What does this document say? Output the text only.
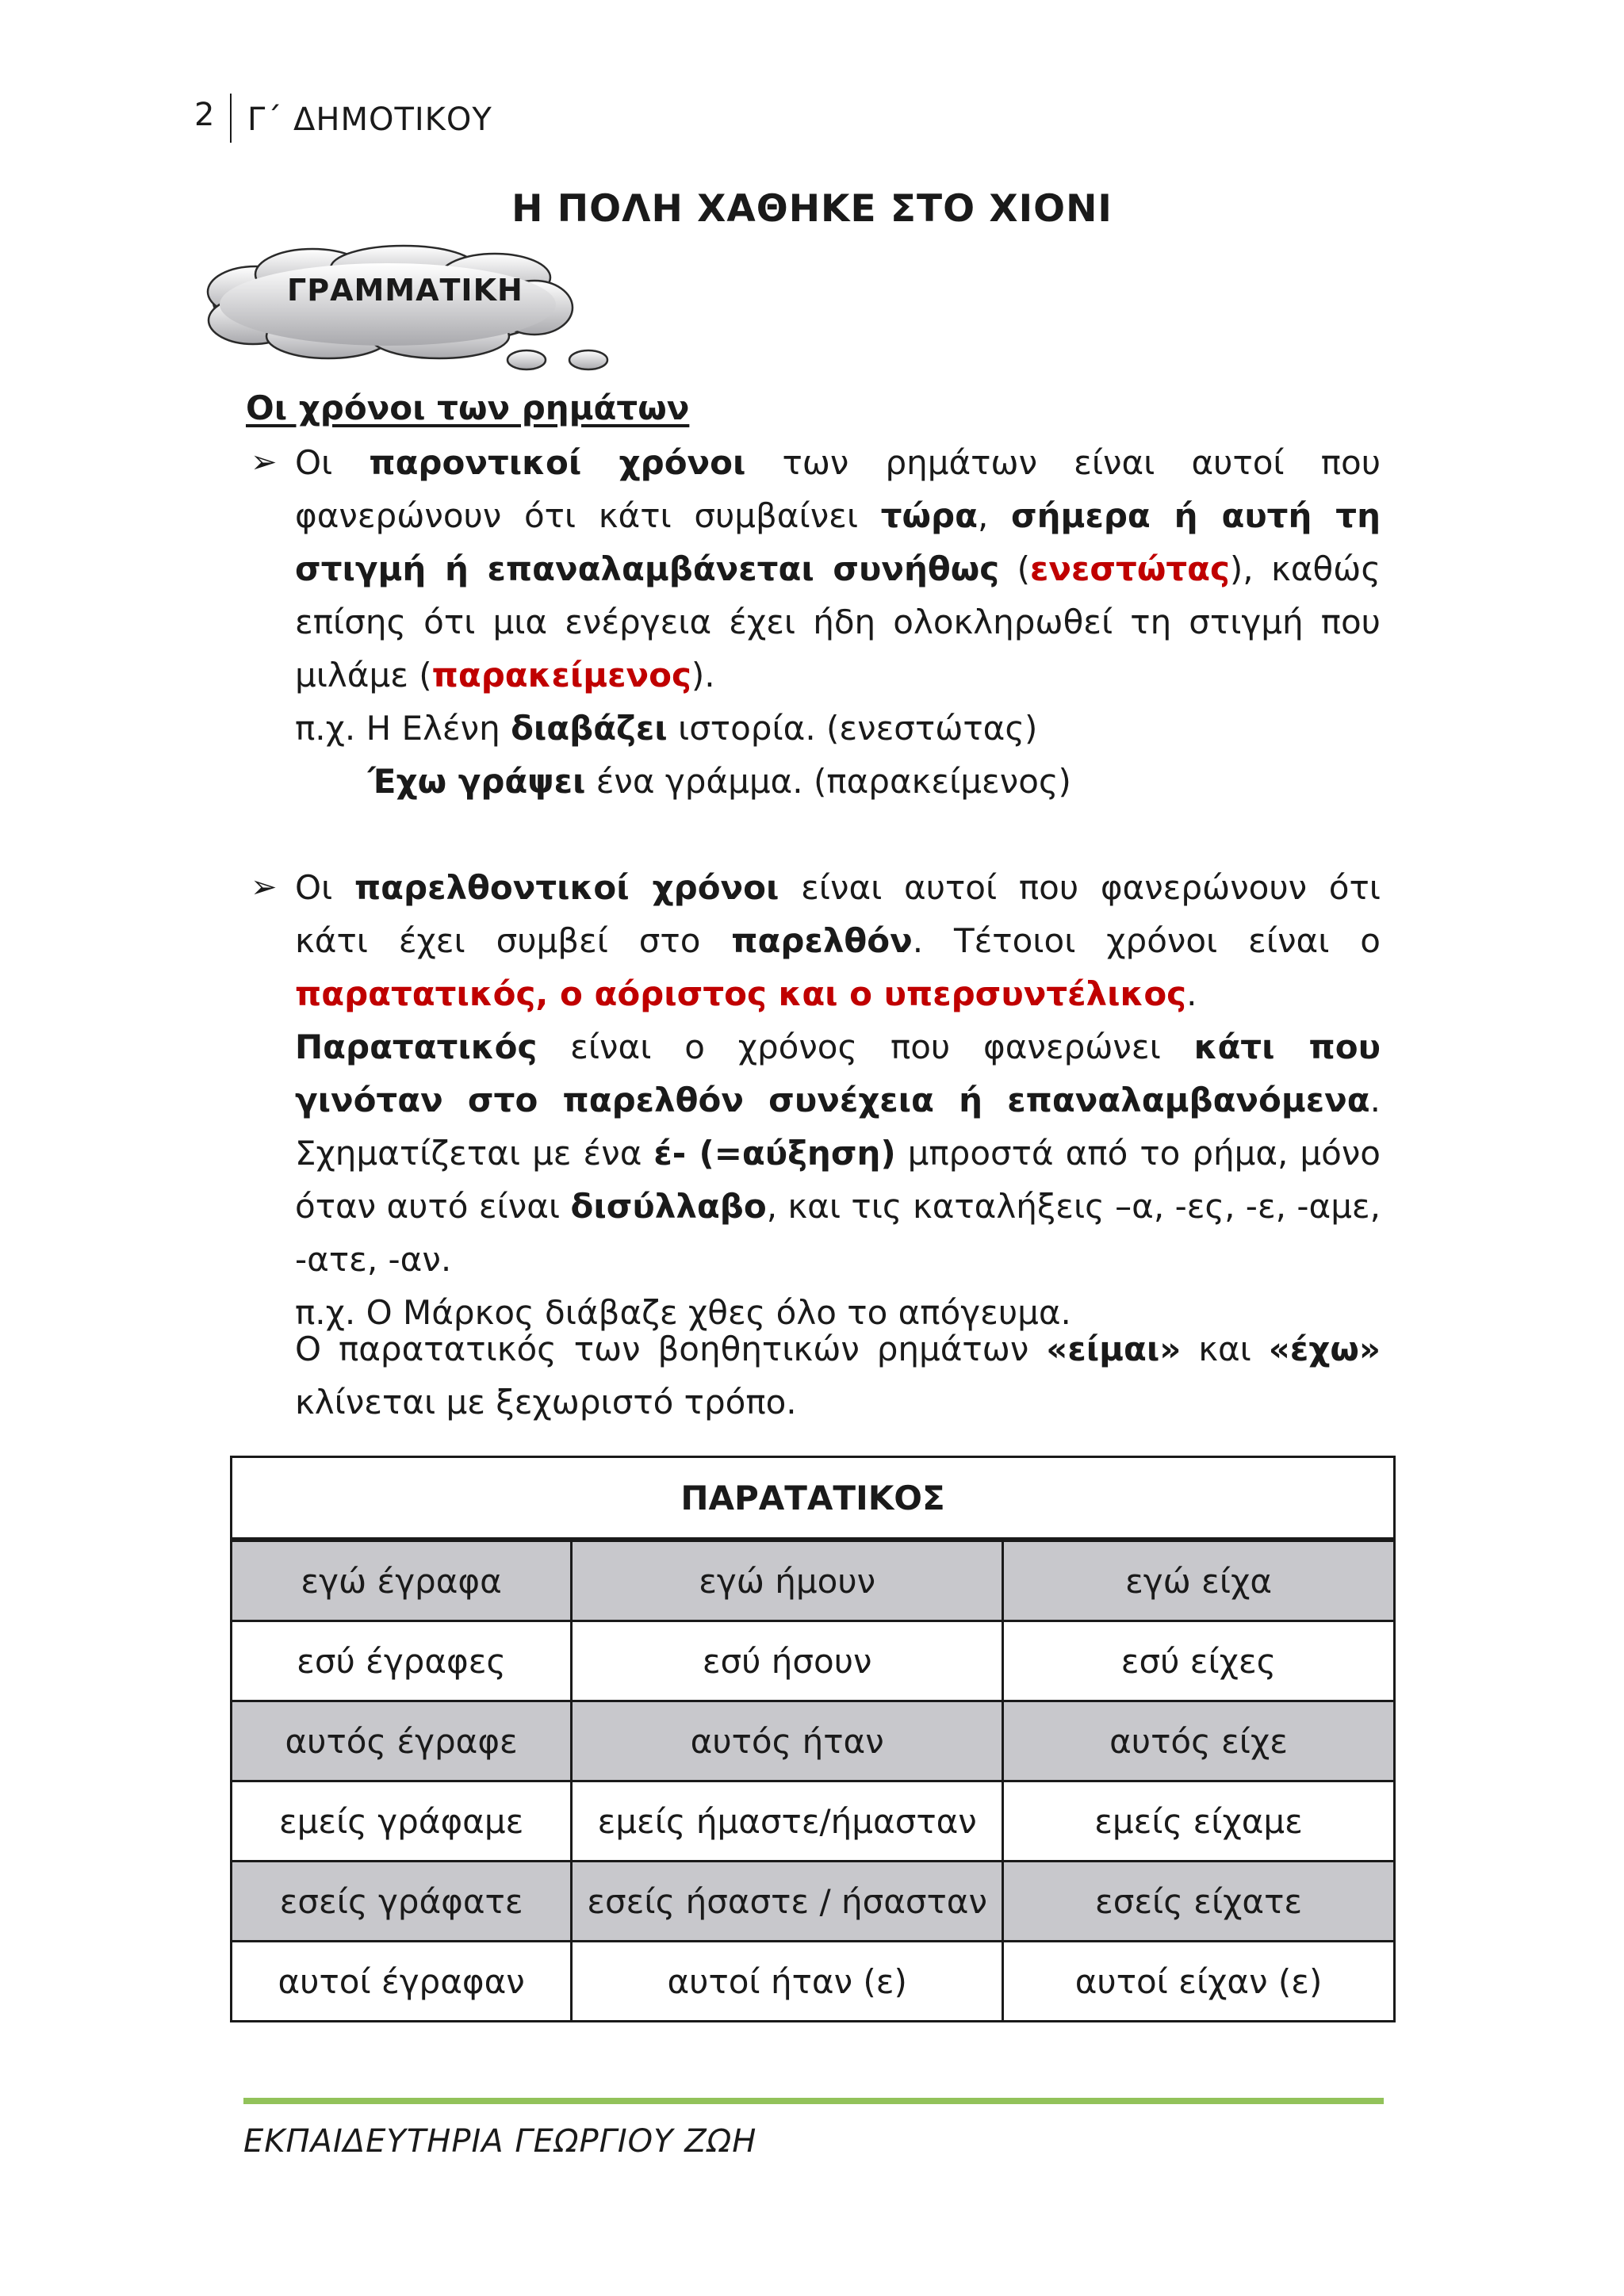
2 Γ΄ ΔΗΜΟΤΙΚΟΥ
Η ΠΟΛΗ ΧΑΘΗΚΕ ΣΤΟ ΧΙΟΝΙ
ΓΡΑΜΜΑΤΙΚΗ
Οι χρόνοι των ρημάτων
➢ Οι παροντικοί χρόνοι των ρημάτων είναι αυτοί που φανερώνουν ότι κάτι συμβαίνει τώρα, σήμερα ή αυτή τη στιγμή ή επαναλαμβάνεται συνήθως (ενεστώτας), καθώς επίσης ότι μια ενέργεια έχει ήδη ολοκληρωθεί τη στιγμή που μιλάμε (παρακείμενος).

π.χ. Η Ελένη διαβάζει ιστορία. (ενεστώτας)

Έχω γράψει ένα γράμμα. (παρακείμενος)

➢ Οι παρελθοντικοί χρόνοι είναι αυτοί που φανερώνουν ότι κάτι έχει συμβεί στο παρελθόν. Τέτοιοι χρόνοι είναι ο παρατατικός, ο αόριστος και ο υπερσυντέλικος.

Παρατατικός είναι ο χρόνος που φανερώνει κάτι που γινόταν στο παρελθόν συνέχεια ή επαναλαμβανόμενα. Σχηματίζεται με ένα έ- (=αύξηση) μπροστά από το ρήμα, μόνο όταν αυτό είναι δισύλλαβο, και τις καταλήξεις –α, -ες, -ε, -αμε, -ατε, -αν.

π.χ. Ο Μάρκος διάβαζε χθες όλο το απόγευμα.

Ο παρατατικός των βοηθητικών ρημάτων «είμαι» και «έχω» κλίνεται με ξεχωριστό τρόπο.

ΠΑΡΑΤΑΤΙΚΟΣ		
εγώ έγραφα	εγώ ήμουν	εγώ είχα
εσύ έγραφες	εσύ ήσουν	εσύ είχες
αυτός έγραφε	αυτός ήταν	αυτός είχε
εμείς γράφαμε	εμείς ήμαστε/ήμασταν	εμείς είχαμε
εσείς γράφατε	εσείς ήσαστε / ήσασταν	εσείς είχατε
αυτοί έγραφαν	αυτοί ήταν (ε)	αυτοί είχαν (ε)
ΕΚΠΑΙΔΕΥΤΗΡΙΑ ΓΕΩΡΓΙΟΥ ΖΩΗ
